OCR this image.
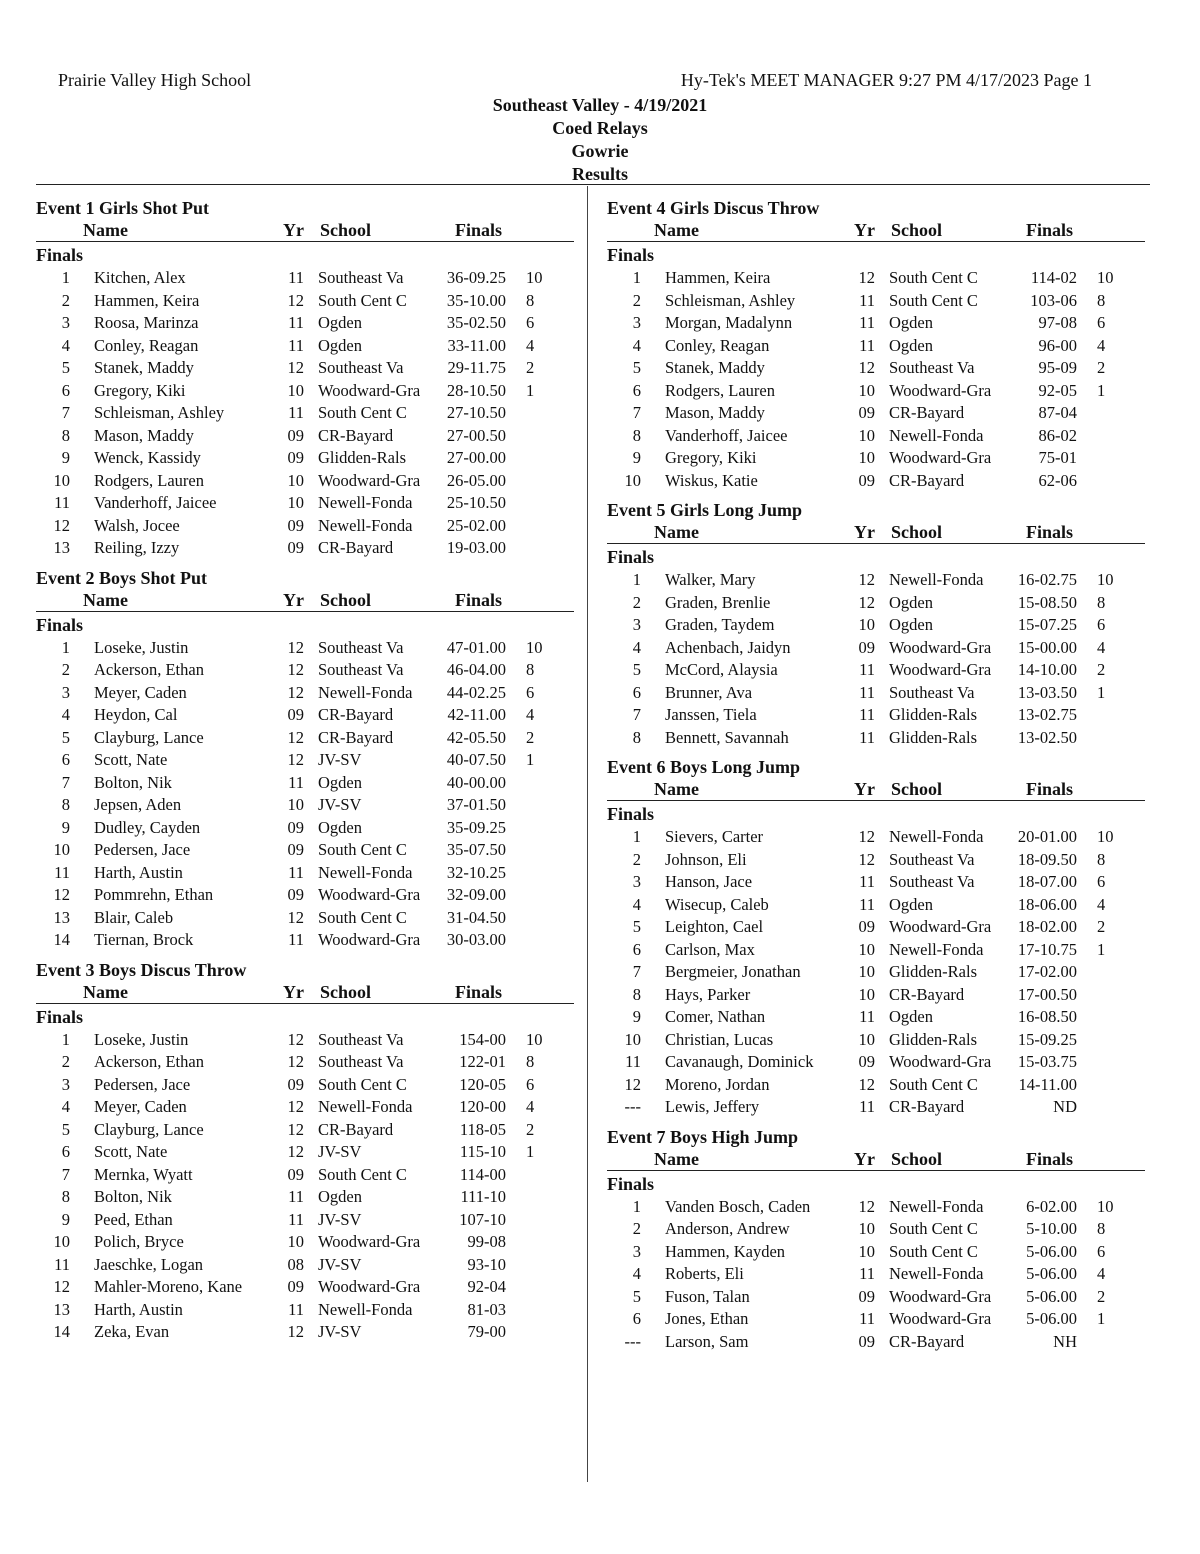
Prairie Valley High School	Hy-Tek's MEET MANAGER 9:27 PM 4/17/2023 Page 1
Southeast Valley - 4/19/2021
Coed Relays
Gowrie
Results
Event 1 Girls Shot Put
Name	Yr School	Finals
Finals
1 Kitchen, Alex	11 Southeast Va	36-09.25 10
2 Hammen, Keira	12 South Cent C	35-10.00 8
3 Roosa, Marinza	11 Ogden	35-02.50 6
4 Conley, Reagan	11 Ogden	33-11.00 4
5 Stanek, Maddy	12 Southeast Va	29-11.75 2
6 Gregory, Kiki	10 Woodward-Gra	28-10.50 1
7 Schleisman, Ashley	11 South Cent C	27-10.50
8 Mason, Maddy	09 CR-Bayard	27-00.50
9 Wenck, Kassidy	09 Glidden-Rals	27-00.00
10 Rodgers, Lauren	10 Woodward-Gra	26-05.00
11 Vanderhoff, Jaicee	10 Newell-Fonda	25-10.50
12 Walsh, Jocee	09 Newell-Fonda	25-02.00
13 Reiling, Izzy	09 CR-Bayard	19-03.00
Event 2 Boys Shot Put
Name	Yr School	Finals
Finals
1 Loseke, Justin	12 Southeast Va	47-01.00 10
2 Ackerson, Ethan	12 Southeast Va	46-04.00 8
3 Meyer, Caden	12 Newell-Fonda	44-02.25 6
4 Heydon, Cal	09 CR-Bayard	42-11.00 4
5 Clayburg, Lance	12 CR-Bayard	42-05.50 2
6 Scott, Nate	12 JV-SV	40-07.50 1
7 Bolton, Nik	11 Ogden	40-00.00
8 Jepsen, Aden	10 JV-SV	37-01.50
9 Dudley, Cayden	09 Ogden	35-09.25
10 Pedersen, Jace	09 South Cent C	35-07.50
11 Harth, Austin	11 Newell-Fonda	32-10.25
12 Pommrehn, Ethan	09 Woodward-Gra	32-09.00
13 Blair, Caleb	12 South Cent C	31-04.50
14 Tiernan, Brock	11 Woodward-Gra	30-03.00
Event 3 Boys Discus Throw
Name	Yr School	Finals
Finals
1 Loseke, Justin	12 Southeast Va	154-00 10
2 Ackerson, Ethan	12 Southeast Va	122-01 8
3 Pedersen, Jace	09 South Cent C	120-05 6
4 Meyer, Caden	12 Newell-Fonda	120-00 4
5 Clayburg, Lance	12 CR-Bayard	118-05 2
6 Scott, Nate	12 JV-SV	115-10 1
7 Mernka, Wyatt	09 South Cent C	114-00
8 Bolton, Nik	11 Ogden	111-10
9 Peed, Ethan	11 JV-SV	107-10
10 Polich, Bryce	10 Woodward-Gra	99-08
11 Jaeschke, Logan	08 JV-SV	93-10
12 Mahler-Moreno, Kane	09 Woodward-Gra	92-04
13 Harth, Austin	11 Newell-Fonda	81-03
14 Zeka, Evan	12 JV-SV	79-00
Event 4 Girls Discus Throw
Name	Yr School	Finals
Finals
1 Hammen, Keira	12 South Cent C	114-02 10
2 Schleisman, Ashley	11 South Cent C	103-06 8
3 Morgan, Madalynn	11 Ogden	97-08 6
4 Conley, Reagan	11 Ogden	96-00 4
5 Stanek, Maddy	12 Southeast Va	95-09 2
6 Rodgers, Lauren	10 Woodward-Gra	92-05 1
7 Mason, Maddy	09 CR-Bayard	87-04
8 Vanderhoff, Jaicee	10 Newell-Fonda	86-02
9 Gregory, Kiki	10 Woodward-Gra	75-01
10 Wiskus, Katie	09 CR-Bayard	62-06
Event 5 Girls Long Jump
Name	Yr School	Finals
Finals
1 Walker, Mary	12 Newell-Fonda	16-02.75 10
2 Graden, Brenlie	12 Ogden	15-08.50 8
3 Graden, Taydem	10 Ogden	15-07.25 6
4 Achenbach, Jaidyn	09 Woodward-Gra	15-00.00 4
5 McCord, Alaysia	11 Woodward-Gra	14-10.00 2
6 Brunner, Ava	11 Southeast Va	13-03.50 1
7 Janssen, Tiela	11 Glidden-Rals	13-02.75
8 Bennett, Savannah	11 Glidden-Rals	13-02.50
Event 6 Boys Long Jump
Name	Yr School	Finals
Finals
1 Sievers, Carter	12 Newell-Fonda	20-01.00 10
2 Johnson, Eli	12 Southeast Va	18-09.50 8
3 Hanson, Jace	11 Southeast Va	18-07.00 6
4 Wisecup, Caleb	11 Ogden	18-06.00 4
5 Leighton, Cael	09 Woodward-Gra	18-02.00 2
6 Carlson, Max	10 Newell-Fonda	17-10.75 1
7 Bergmeier, Jonathan	10 Glidden-Rals	17-02.00
8 Hays, Parker	10 CR-Bayard	17-00.50
9 Comer, Nathan	11 Ogden	16-08.50
10 Christian, Lucas	10 Glidden-Rals	15-09.25
11 Cavanaugh, Dominick	09 Woodward-Gra	15-03.75
12 Moreno, Jordan	12 South Cent C	14-11.00
--- Lewis, Jeffery	11 CR-Bayard	ND
Event 7 Boys High Jump
Name	Yr School	Finals
Finals
1 Vanden Bosch, Caden	12 Newell-Fonda	6-02.00 10
2 Anderson, Andrew	10 South Cent C	5-10.00 8
3 Hammen, Kayden	10 South Cent C	5-06.00 6
4 Roberts, Eli	11 Newell-Fonda	5-06.00 4
5 Fuson, Talan	09 Woodward-Gra	5-06.00 2
6 Jones, Ethan	11 Woodward-Gra	5-06.00 1
--- Larson, Sam	09 CR-Bayard	NH
